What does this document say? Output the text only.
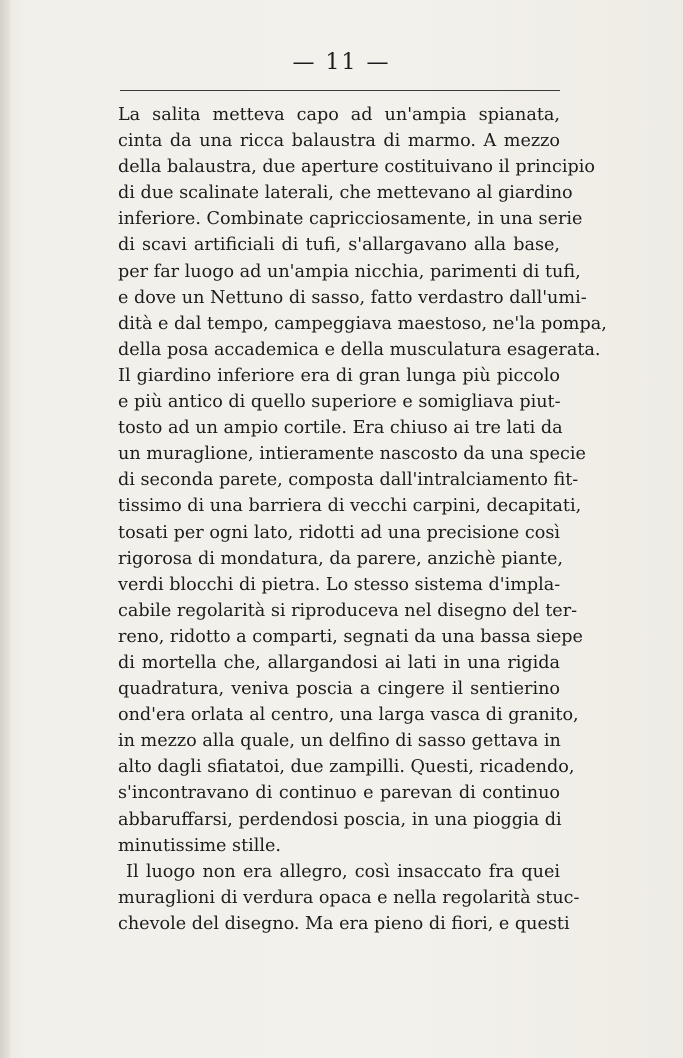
— 11 —
La salita metteva capo ad un'ampia spianata,
cinta da una ricca balaustra di marmo. A mezzo
della balaustra, due aperture costituivano il principio
di due scalinate laterali, che mettevano al giardino
inferiore. Combinate capricciosamente, in una serie
di scavi artificiali di tufi, s'allargavano alla base,
per far luogo ad un'ampia nicchia, parimenti di tufi,
e dove un Nettuno di sasso, fatto verdastro dall'umi-
dità e dal tempo, campeggiava maestoso, ne'la pompa,
della posa accademica e della musculatura esagerata.
Il giardino inferiore era di gran lunga più piccolo
e più antico di quello superiore e somigliava piut-
tosto ad un ampio cortile. Era chiuso ai tre lati da
un muraglione, intieramente nascosto da una specie
di seconda parete, composta dall'intralciamento fit-
tissimo di una barriera di vecchi carpini, decapitati,
tosati per ogni lato, ridotti ad una precisione così
rigorosa di mondatura, da parere, anzichè piante,
verdi blocchi di pietra. Lo stesso sistema d'impla-
cabile regolarità si riproduceva nel disegno del ter-
reno, ridotto a comparti, segnati da una bassa siepe
di mortella che, allargandosi ai lati in una rigida
quadratura, veniva poscia a cingere il sentierino
ond'era orlata al centro, una larga vasca di granito,
in mezzo alla quale, un delfino di sasso gettava in
alto dagli sfiatatoi, due zampilli. Questi, ricadendo,
s'incontravano di continuo e parevan di continuo
abbaruffarsi, perdendosi poscia, in una pioggia di
minutissime stille.
Il luogo non era allegro, così insaccato fra quei
muraglioni di verdura opaca e nella regolarità stuc-
chevole del disegno. Ma era pieno di fiori, e questi
